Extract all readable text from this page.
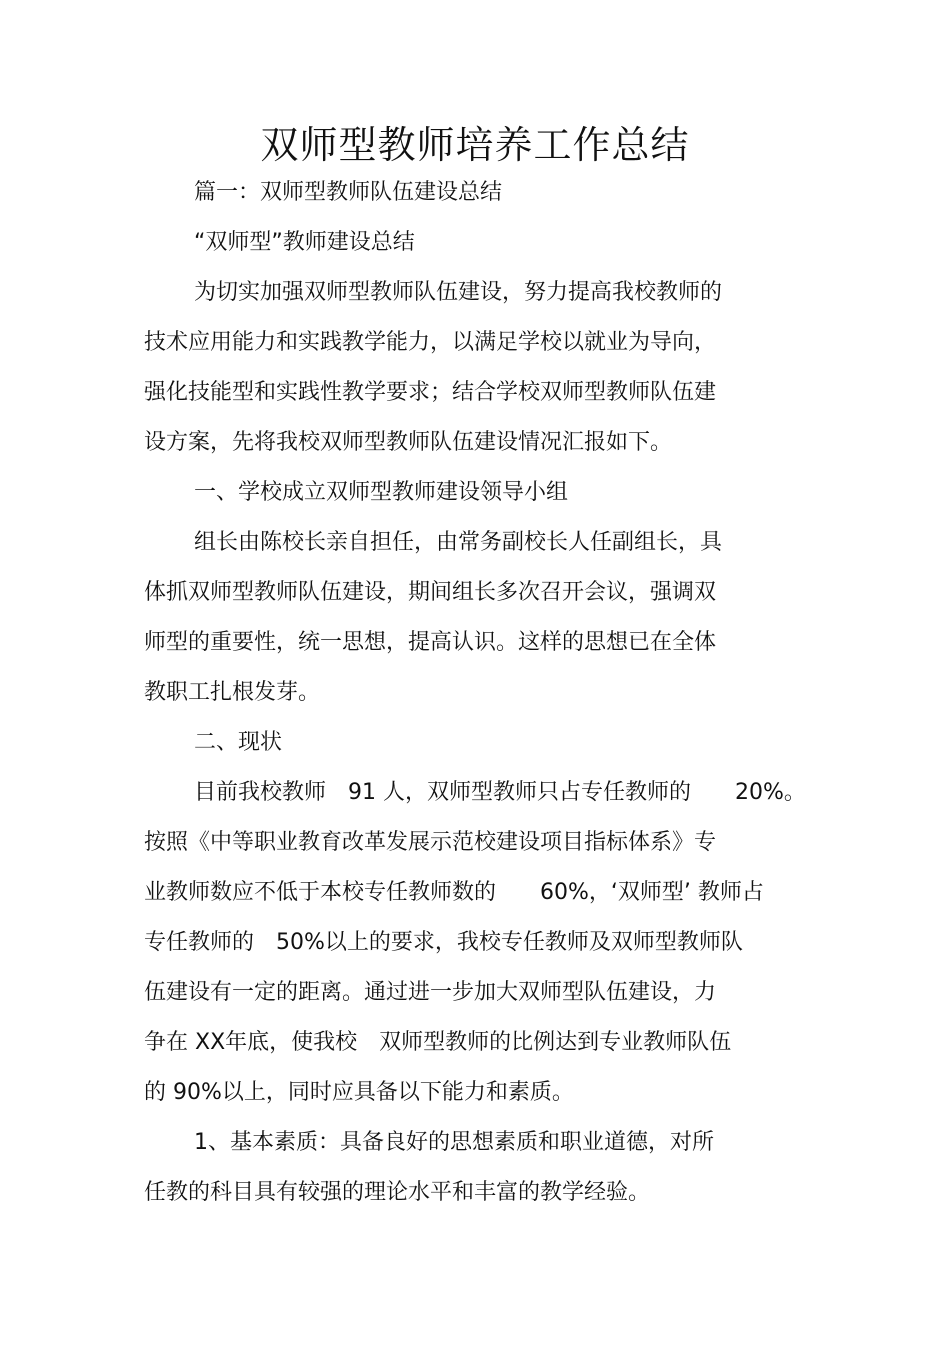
双师型教师培养工作总结
篇一：双师型教师队伍建设总结
“双师型”教师建设总结
为切实加强双师型教师队伍建设，努力提高我校教师的
技术应用能力和实践教学能力，以满足学校以就业为导向，
强化技能型和实践性教学要求；结合学校双师型教师队伍建
设方案，先将我校双师型教师队伍建设情况汇报如下。
一、学校成立双师型教师建设领导小组
组长由陈校长亲自担任，由常务副校长人任副组长，具
体抓双师型教师队伍建设，期间组长多次召开会议，强调双
师型的重要性，统一思想，提高认识。这样的思想已在全体
教职工扎根发芽。
二、现状
目前我校教师　91 人，双师型教师只占专任教师的　　20%。
按照《中等职业教育改革发展示范校建设项目指标体系》专
业教师数应不低于本校专任教师数的　　60%，‘双师型’ 教师占
专任教师的　50%以上的要求，我校专任教师及双师型教师队
伍建设有一定的距离。通过进一步加大双师型队伍建设，力
争在 XX年底，使我校　双师型教师的比例达到专业教师队伍
的 90%以上，同时应具备以下能力和素质。
1、基本素质：具备良好的思想素质和职业道德，对所
任教的科目具有较强的理论水平和丰富的教学经验。
